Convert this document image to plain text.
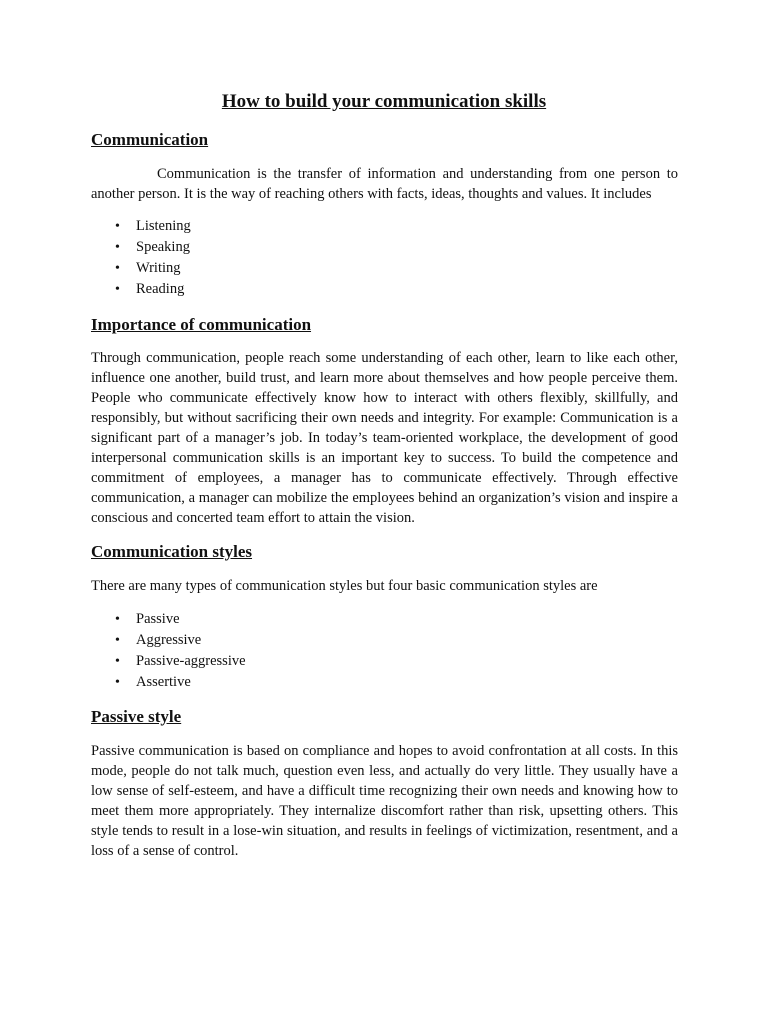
How to build your communication skills
Communication

Communication is the transfer of information and understanding from one person to another person. It is the way of reaching others with facts, ideas, thoughts and values. It includes

• Listening
• Speaking
• Writing
• Reading
Importance of communication

Through communication, people reach some understanding of each other, learn to like each other, influence one another, build trust, and learn more about themselves and how people perceive them. People who communicate effectively know how to interact with others flexibly, skillfully, and responsibly, but without sacrificing their own needs and integrity. For example: Communication is a significant part of a manager’s job. In today’s team-oriented workplace, the development of good interpersonal communication skills is an important key to success. To build the competence and commitment of employees, a manager has to communicate effectively. Through effective communication, a manager can mobilize the employees behind an organization’s vision and inspire a conscious and concerted team effort to attain the vision.

Communication styles

There are many types of communication styles but four basic communication styles are

• Passive
• Aggressive
• Passive-aggressive
• Assertive
Passive style

Passive communication is based on compliance and hopes to avoid confrontation at all costs. In this mode, people do not talk much, question even less, and actually do very little. They usually have a low sense of self-esteem, and have a difficult time recognizing their own needs and knowing how to meet them more appropriately. They internalize discomfort rather than risk, upsetting others. This style tends to result in a lose-win situation, and results in feelings of victimization, resentment, and a loss of a sense of control.
